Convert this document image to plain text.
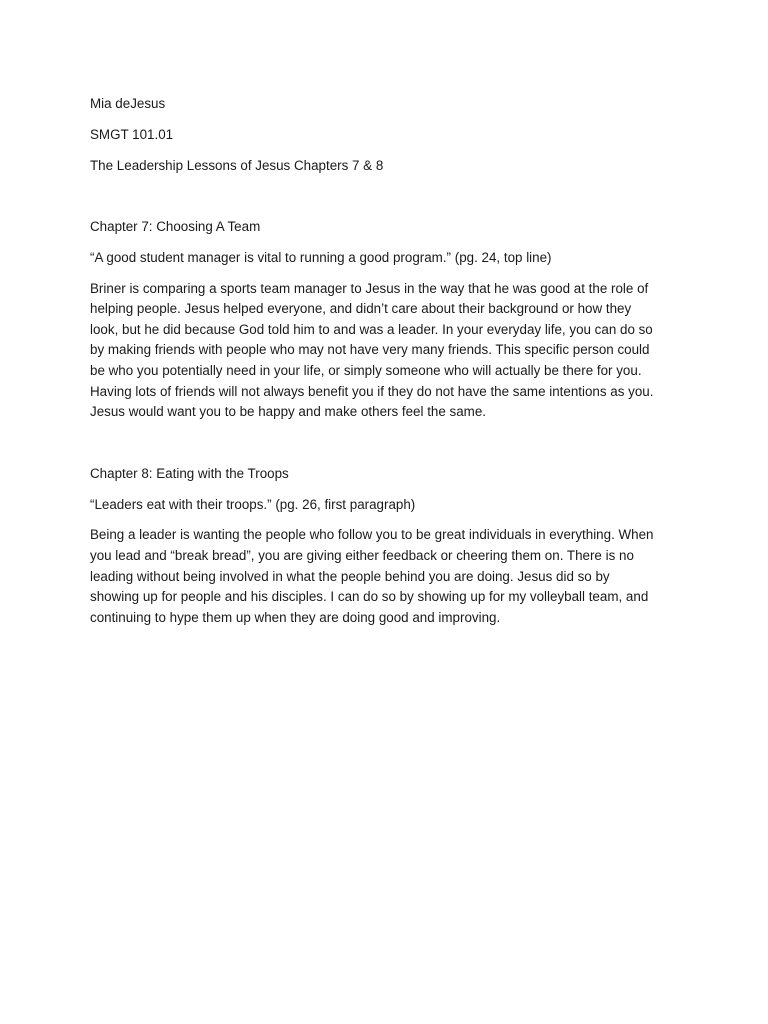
Mia deJesus

SMGT 101.01

The Leadership Lessons of Jesus Chapters 7 & 8

Chapter 7: Choosing A Team

“A good student manager is vital to running a good program.” (pg. 24, top line)

Briner is comparing a sports team manager to Jesus in the way that he was good at the role of
helping people. Jesus helped everyone, and didn’t care about their background or how they
look, but he did because God told him to and was a leader. In your everyday life, you can do so
by making friends with people who may not have very many friends. This specific person could
be who you potentially need in your life, or simply someone who will actually be there for you.
Having lots of friends will not always benefit you if they do not have the same intentions as you.
Jesus would want you to be happy and make others feel the same.

Chapter 8: Eating with the Troops

“Leaders eat with their troops.” (pg. 26, first paragraph)

Being a leader is wanting the people who follow you to be great individuals in everything. When
you lead and “break bread”, you are giving either feedback or cheering them on. There is no
leading without being involved in what the people behind you are doing. Jesus did so by
showing up for people and his disciples. I can do so by showing up for my volleyball team, and
continuing to hype them up when they are doing good and improving.
